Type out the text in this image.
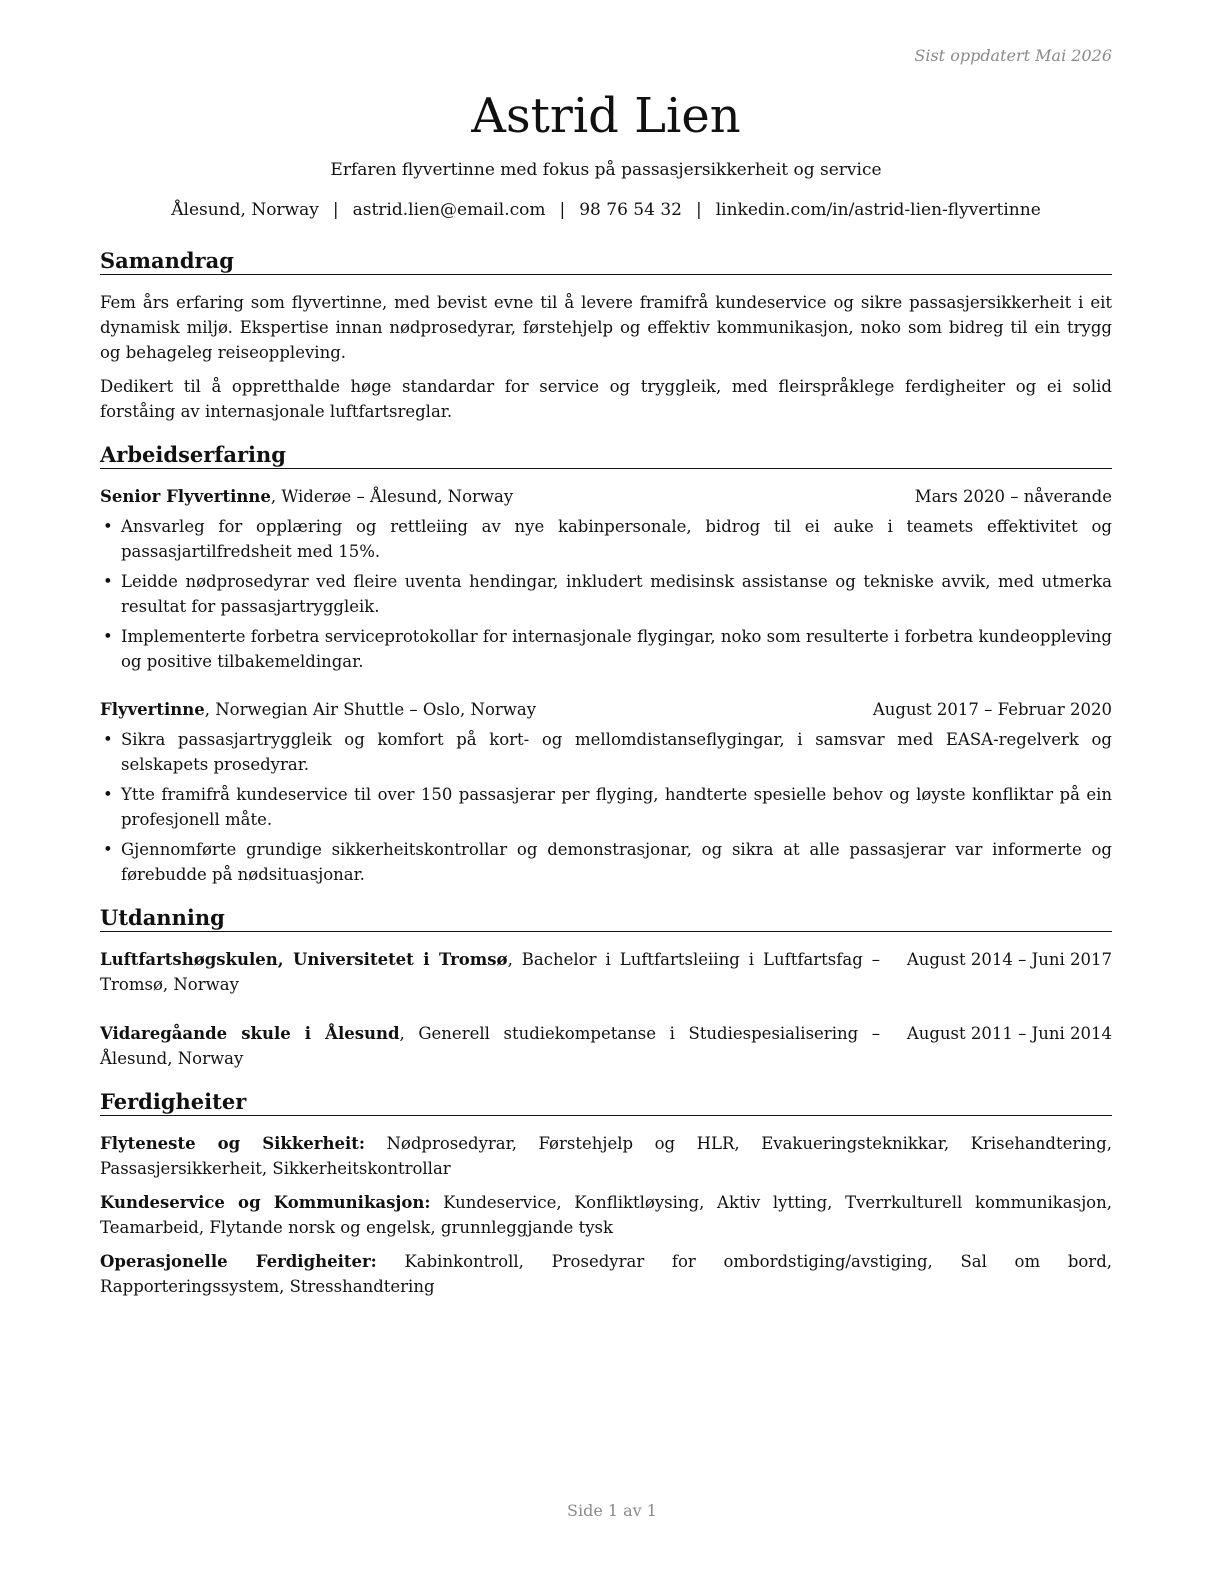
Sist oppdatert Mai 2026
Astrid Lien
Erfaren flyvertinne med fokus på passasjersikkerheit og service
Ålesund, Norway | astrid.lien@email.com | 98 76 54 32 | linkedin.com/in/astrid-lien-flyvertinne
Samandrag

Fem års erfaring som flyvertinne, med bevist evne til å levere framifrå kundeservice og sikre passasjersikkerheit i eit dynamisk miljø. Ekspertise innan nødprosedyrar, førstehjelp og effektiv kommunikasjon, noko som bidreg til ein trygg og behageleg reiseoppleving.

Dedikert til å oppretthalde høge standardar for service og tryggleik, med fleirspråklege ferdigheiter og ei solid forståing av internasjonale luftfartsreglar.

Arbeidserfaring
Senior Flyvertinne, Widerøe – Ålesund, Norway	Mars 2020 – nåverande
• Ansvarleg for opplæring og rettleiing av nye kabinpersonale, bidrog til ei auke i teamets effektivitet og passasjartilfredsheit med 15%.
• Leidde nødprosedyrar ved fleire uventa hendingar, inkludert medisinsk assistanse og tekniske avvik, med utmerka resultat for passasjartryggleik.
• Implementerte forbetra serviceprotokollar for internasjonale flygingar, noko som resulterte i forbetra kundeoppleving og positive tilbakemeldingar.
Flyvertinne, Norwegian Air Shuttle – Oslo, Norway	August 2017 – Februar 2020
• Sikra passasjartryggleik og komfort på kort- og mellomdistanseflygingar, i samsvar med EASA-regelverk og selskapets prosedyrar.
• Ytte framifrå kundeservice til over 150 passasjerar per flyging, handterte spesielle behov og løyste konfliktar på ein profesjonell måte.
• Gjennomførte grundige sikkerheitskontrollar og demonstrasjonar, og sikra at alle passasjerar var informerte og førebudde på nødsituasjonar.
Utdanning
Luftfartshøgskulen, Universitetet i Tromsø, Bachelor i Luftfartsleiing i Luftfartsfag – Tromsø, Norway
August 2014 – Juni 2017
Vidaregåande skule i Ålesund, Generell studiekompetanse i Studiespesialisering – Ålesund, Norway
August 2011 – Juni 2014
Ferdigheiter

Flyteneste og Sikkerheit: Nødprosedyrar, Førstehjelp og HLR, Evakueringsteknikkar, Krisehandtering, Passasjersikkerheit, Sikkerheitskontrollar

Kundeservice og Kommunikasjon: Kundeservice, Konfliktløysing, Aktiv lytting, Tverrkulturell kommunikasjon, Teamarbeid, Flytande norsk og engelsk, grunnleggjande tysk

Operasjonelle Ferdigheiter: Kabinkontroll, Prosedyrar for ombordstiging/avstiging, Sal om bord, Rapporteringssystem, Stresshandtering

Side 1 av 1
